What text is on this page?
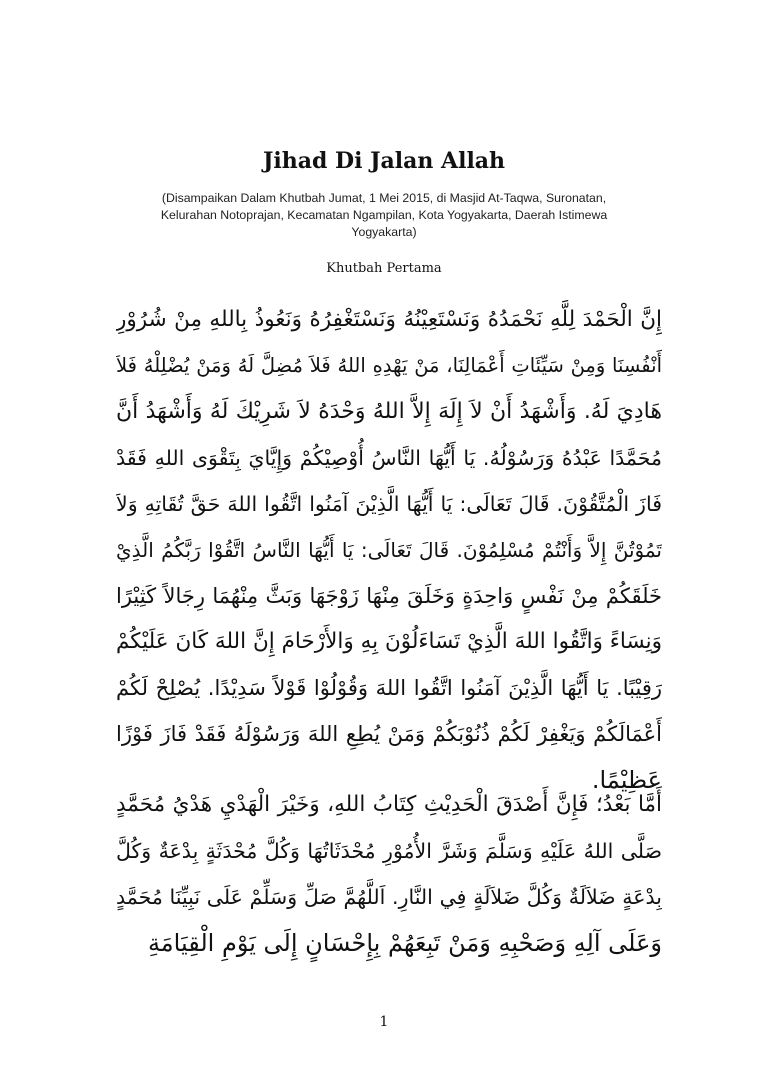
Jihad Di Jalan Allah
(Disampaikan Dalam Khutbah Jumat, 1 Mei 2015, di Masjid At-Taqwa, Suronatan, Kelurahan Notoprajan, Kecamatan Ngampilan, Kota Yogyakarta, Daerah Istimewa Yogyakarta)
Khutbah Pertama
إِنَّ الْحَمْدَ لِلَّهِ نَحْمَدُهُ وَنَسْتَعِيْنُهُ وَنَسْتَغْفِرُهُ وَنَعُوذُ بِاللهِ مِنْ شُرُوْرِ
أَنْفُسِنَا وَمِنْ سَيِّئَاتِ أَعْمَالِنَا، مَنْ يَهْدِهِ اللهُ فَلاَ مُضِلَّ لَهُ وَمَنْ يُضْلِلْهُ فَلاَ
هَادِيَ لَهُ. وَأَشْهَدُ أَنْ لاَ إِلَهَ إِلاَّ اللهُ وَحْدَهُ لاَ شَرِيْكَ لَهُ وَأَشْهَدُ أَنَّ
مُحَمَّدًا عَبْدُهُ وَرَسُوْلُهُ. يَا أَيُّهَا النَّاسُ أُوْصِيْكُمْ وَإِيَّايَ بِتَقْوَى اللهِ فَقَدْ
فَازَ الْمُتَّقُوْنَ. قَالَ تَعَالَى: يَا أَيُّهَا الَّذِيْنَ آمَنُوا اتَّقُوا اللهَ حَقَّ تُقَاتِهِ وَلاَ
تَمُوْتُنَّ إِلاَّ وَأَنْتُمْ مُسْلِمُوْنَ. قَالَ تَعَالَى: يَا أَيُّهَا النَّاسُ اتَّقُوْا رَبَّكُمُ الَّذِيْ
خَلَقَكُمْ مِنْ نَفْسٍ وَاحِدَةٍ وَخَلَقَ مِنْهَا زَوْجَهَا وَبَثَّ مِنْهُمَا رِجَالاً كَثِيْرًا
وَنِسَاءً وَاتَّقُوا اللهَ الَّذِيْ تَسَاءَلُوْنَ بِهِ وَالأَرْحَامَ إِنَّ اللهَ كَانَ عَلَيْكُمْ
رَقِيْبًا. يَا أَيُّهَا الَّذِيْنَ آمَنُوا اتَّقُوا اللهَ وَقُوْلُوْا قَوْلاً سَدِيْدًا. يُصْلِحْ لَكُمْ
أَعْمَالَكُمْ وَيَغْفِرْ لَكُمْ ذُنُوْبَكُمْ وَمَنْ يُطِعِ اللهَ وَرَسُوْلَهُ فَقَدْ فَازَ فَوْزًا
عَظِيْمًا.
أَمَّا بَعْدُ؛ فَإِنَّ أَصْدَقَ الْحَدِيْثِ كِتَابُ اللهِ، وَخَيْرَ الْهَدْيِ هَدْيُ مُحَمَّدٍ
صَلَّى اللهُ عَلَيْهِ وَسَلَّمَ وَشَرَّ الأُمُوْرِ مُحْدَثَاتُهَا وَكُلَّ مُحْدَثَةٍ بِدْعَةٌ وَكُلَّ
بِدْعَةٍ ضَلاَلَةٌ وَكُلَّ ضَلاَلَةٍ فِي النَّارِ. اَللَّهُمَّ صَلِّ وَسَلِّمْ عَلَى نَبِيِّنَا مُحَمَّدٍ
وَعَلَى آلِهِ وَصَحْبِهِ وَمَنْ تَبِعَهُمْ بِإِحْسَانٍ إِلَى يَوْمِ الْقِيَامَةِ
1
